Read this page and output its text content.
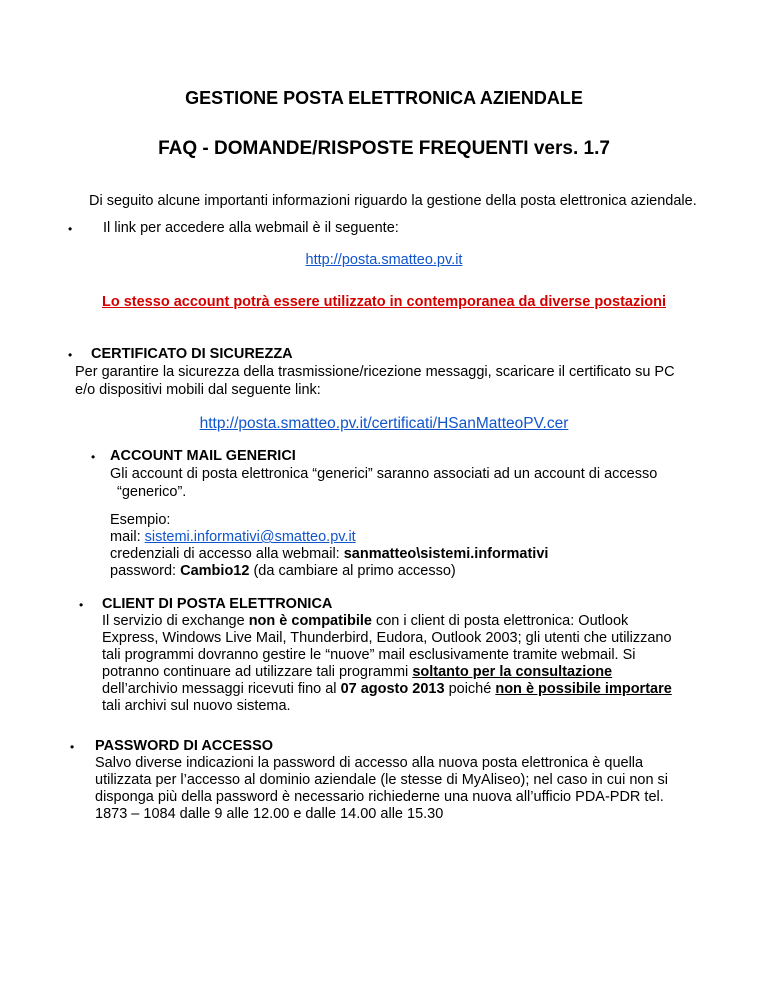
GESTIONE POSTA ELETTRONICA AZIENDALE
FAQ - DOMANDE/RISPOSTE FREQUENTI vers. 1.7
Di seguito alcune importanti informazioni riguardo la gestione della posta elettronica aziendale.
• Il link per accedere alla webmail è il seguente:
http://posta.smatteo.pv.it
Lo stesso account potrà essere utilizzato in contemporanea da diverse postazioni
• CERTIFICATO DI SICUREZZA
Per garantire la sicurezza della trasmissione/ricezione messaggi, scaricare il certificato su PC
e/o dispositivi mobili dal seguente link:
http://posta.smatteo.pv.it/certificati/HSanMatteoPV.cer
• ACCOUNT MAIL GENERICI
Gli account di posta elettronica “generici” saranno associati ad un account di accesso
“generico”.
Esempio:
mail: sistemi.informativi@smatteo.pv.it
credenziali di accesso alla webmail: sanmatteo\sistemi.informativi
password: Cambio12 (da cambiare al primo accesso)
• CLIENT DI POSTA ELETTRONICA
Il servizio di exchange non è compatibile con i client di posta elettronica: Outlook
Express, Windows Live Mail, Thunderbird, Eudora, Outlook 2003; gli utenti che utilizzano
tali programmi dovranno gestire le “nuove” mail esclusivamente tramite webmail. Si
potranno continuare ad utilizzare tali programmi soltanto per la consultazione
dell’archivio messaggi ricevuti fino al 07 agosto 2013 poiché non è possibile importare
tali archivi sul nuovo sistema.
• PASSWORD DI ACCESSO
Salvo diverse indicazioni la password di accesso alla nuova posta elettronica è quella
utilizzata per l’accesso al dominio aziendale (le stesse di MyAliseo); nel caso in cui non si
disponga più della password è necessario richiederne una nuova all’ufficio PDA-PDR tel.
1873 – 1084 dalle 9 alle 12.00 e dalle 14.00 alle 15.30
